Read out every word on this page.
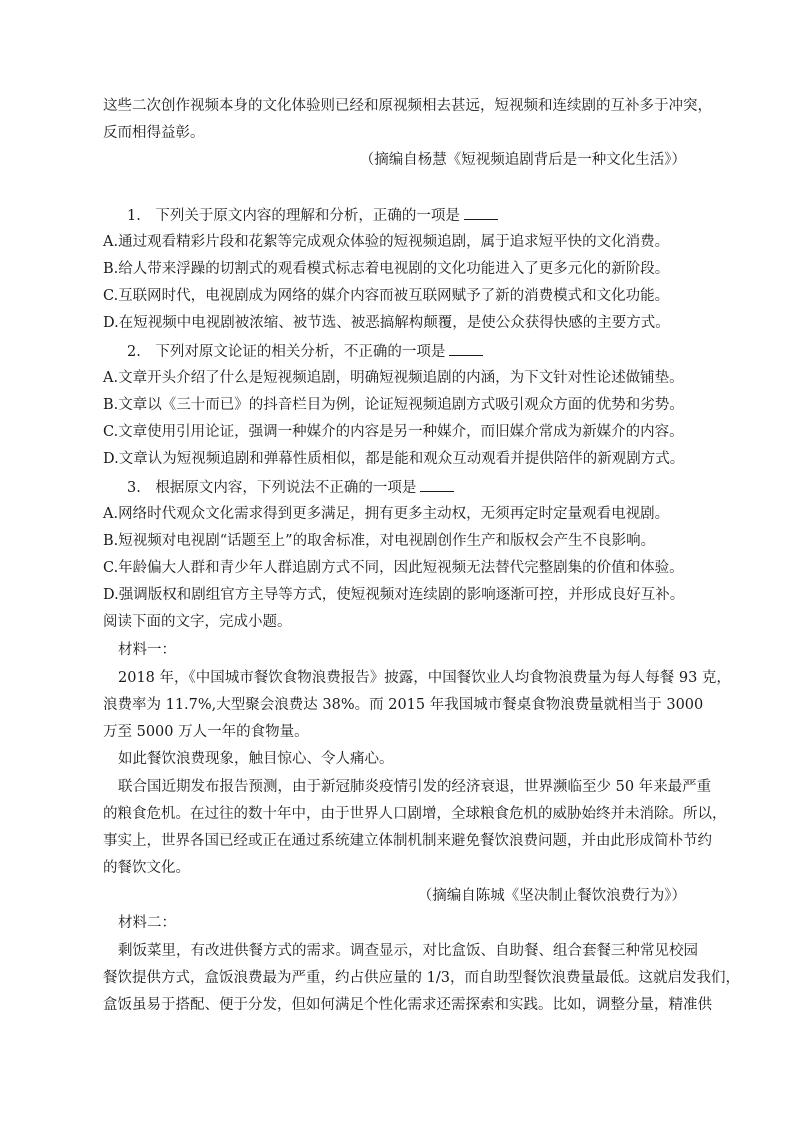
这些二次创作视频本身的文化体验则已经和原视频相去甚远，短视频和连续剧的互补多于冲突，
反而相得益彰。
（摘编自杨慧《短视频追剧背后是一种文化生活》）
1.　下列关于原文内容的理解和分析，正确的一项是
A.通过观看精彩片段和花絮等完成观众体验的短视频追剧，属于追求短平快的文化消费。
B.给人带来浮躁的切割式的观看模式标志着电视剧的文化功能进入了更多元化的新阶段。
C.互联网时代，电视剧成为网络的媒介内容而被互联网赋予了新的消费模式和文化功能。
D.在短视频中电视剧被浓缩、被节选、被恶搞解构颠覆，是使公众获得快感的主要方式。
2.　下列对原文论证的相关分析，不正确的一项是
A.文章开头介绍了什么是短视频追剧，明确短视频追剧的内涵，为下文针对性论述做铺垫。
B.文章以《三十而已》的抖音栏目为例，论证短视频追剧方式吸引观众方面的优势和劣势。
C.文章使用引用论证，强调一种媒介的内容是另一种媒介，而旧媒介常成为新媒介的内容。
D.文章认为短视频追剧和弹幕性质相似，都是能和观众互动观看并提供陪伴的新观剧方式。
3.　根据原文内容，下列说法不正确的一项是
A.网络时代观众文化需求得到更多满足，拥有更多主动权，无须再定时定量观看电视剧。
B.短视频对电视剧“话题至上”的取舍标准，对电视剧创作生产和版权会产生不良影响。
C.年龄偏大人群和青少年人群追剧方式不同，因此短视频无法替代完整剧集的价值和体验。
D.强调版权和剧组官方主导等方式，使短视频对连续剧的影响逐渐可控，并形成良好互补。
阅读下面的文字，完成小题。
材料一：
2018 年，《中国城市餐饮食物浪费报告》披露，中国餐饮业人均食物浪费量为每人每餐 93 克，
浪费率为 11.7%,大型聚会浪费达 38%。而 2015 年我国城市餐桌食物浪费量就相当于 3000
万至 5000 万人一年的食物量。
如此餐饮浪费现象，触目惊心、令人痛心。
联合国近期发布报告预测，由于新冠肺炎疫情引发的经济衰退，世界濒临至少 50 年来最严重
的粮食危机。在过往的数十年中，由于世界人口剧增，全球粮食危机的威胁始终并未消除。所以，
事实上，世界各国已经或正在通过系统建立体制机制来避免餐饮浪费问题，并由此形成简朴节约
的餐饮文化。
（摘编自陈城《坚决制止餐饮浪费行为》）
材料二：
剩饭菜里，有改进供餐方式的需求。调查显示，对比盒饭、自助餐、组合套餐三种常见校园
餐饮提供方式，盒饭浪费最为严重，约占供应量的 1/3，而自助型餐饮浪费量最低。这就启发我们，
盒饭虽易于搭配、便于分发，但如何满足个性化需求还需探索和实践。比如，调整分量，精准供
